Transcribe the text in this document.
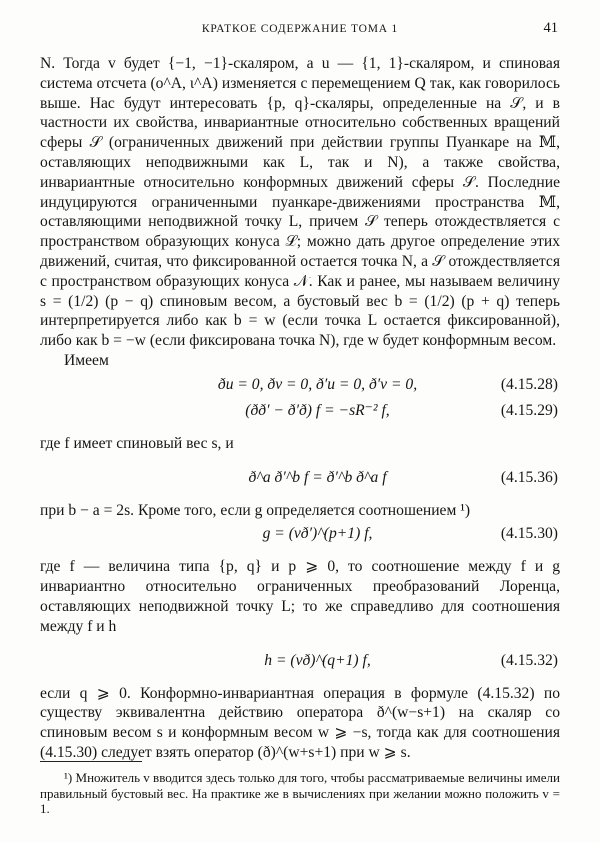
КРАТКОЕ СОДЕРЖАНИЕ ТОМА 1	41

N. Тогда v будет {−1, −1}-скаляром, а u — {1, 1}-скаляром, и спиновая система отсчета (o^A, ι^A) изменяется с перемещением Q так, как говорилось выше. Нас будут интересовать {p, q}-скаляры, определенные на 𝒮, и в частности их свойства, инвариантные относительно собственных вращений сферы 𝒮 (ограниченных движений при действии группы Пуанкаре на 𝕄, оставляющих неподвижными как L, так и N), а также свойства, инвариантные относительно конформных движений сферы 𝒮. Последние индуцируются ограниченными пуанкаре-движениями пространства 𝕄, оставляющими неподвижной точку L, причем 𝒮 теперь отождествляется с пространством образующих конуса ℒ; можно дать другое определение этих движений, считая, что фиксированной остается точка N, а 𝒮 отождествляется с пространством образующих конуса 𝒩. Как и ранее, мы называем величину s = (1/2) (p − q) спиновым весом, а бустовый вес b = (1/2) (p + q) теперь интерпретируется либо как b = w (если точка L остается фиксированной), либо как b = −w (если фиксирована точка N), где w будет конформным весом.

Имеем

ðu = 0, ðv = 0, ð′u = 0, ð′v = 0,	(4.15.28)
(ðð′ − ð′ð) f = −sR⁻² f,	(4.15.29)

где f имеет спиновый вес s, и

ð^a ð′^b f = ð′^b ð^a f	(4.15.36)

при b − a = 2s. Кроме того, если g определяется соотношением ¹)

g = (vð′)^(p+1) f,	(4.15.30)

где f — величина типа {p, q} и p ⩾ 0, то соотношение между f и g инвариантно относительно ограниченных преобразований Лоренца, оставляющих неподвижной точку L; то же справедливо для соотношения между f и h

h = (vð)^(q+1) f,	(4.15.32)

если q ⩾ 0. Конформно-инвариантная операция в формуле (4.15.32) по существу эквивалентна действию оператора ð^(w−s+1) на скаляр со спиновым весом s и конформным весом w ⩾ −s, тогда как для соотношения (4.15.30) следует взять оператор (ð)^(w+s+1) при w ⩾ s.

¹) Множитель v вводится здесь только для того, чтобы рассматриваемые величины имели правильный бустовый вес. На практике же в вычислениях при желании можно положить v = 1.
